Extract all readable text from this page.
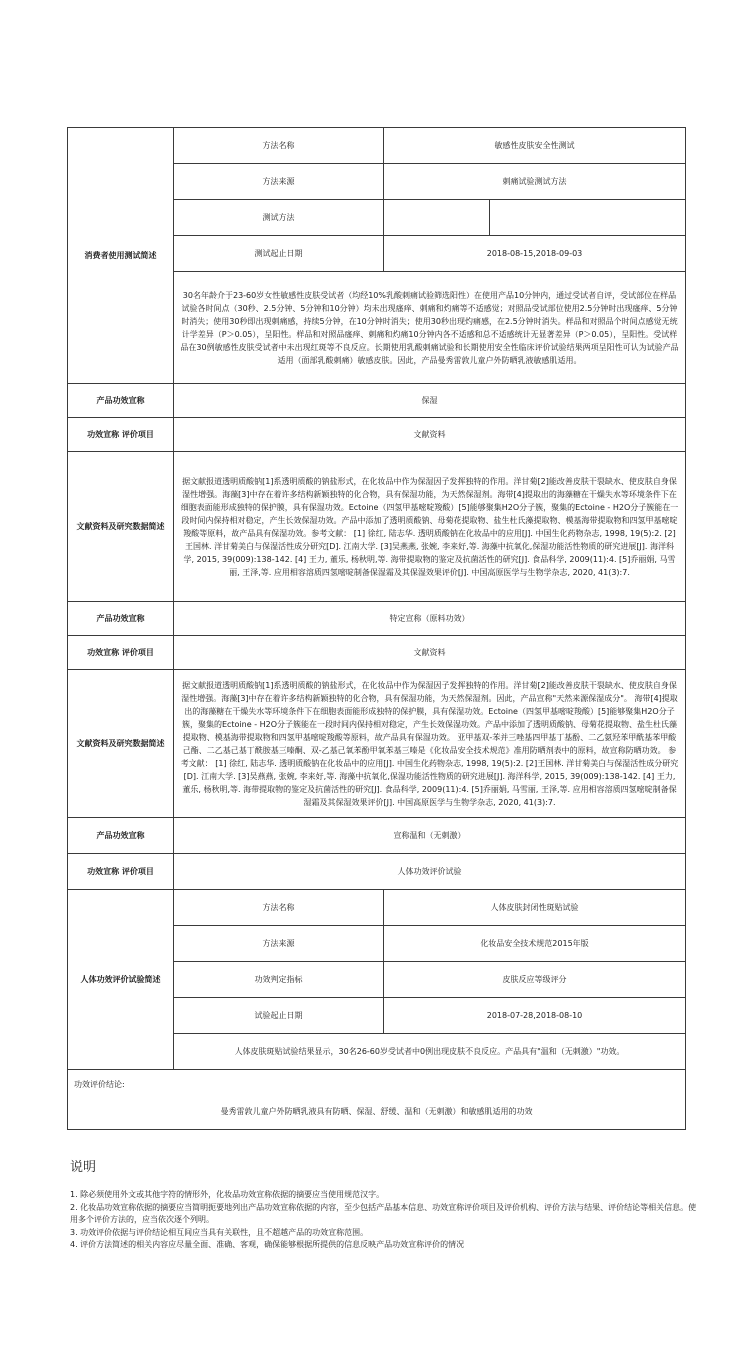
消费者使用测试简述	方法名称	敏感性皮肤安全性测试	
	方法来源	刺痛试验测试方法	
	测试方法		
	测试起止日期	2018-08-15,2018-09-03	
	30名年龄介于23-60岁女性敏感性皮肤受试者（均经10%乳酸刺痛试验筛选阳性）在使用产品10分钟内，通过受试者自评，受试部位在样品试验各时间点（30秒、2.5分钟、5分钟和10分钟）均未出现瘙痒、刺痛和灼痛等不适感觉；对照品受试部位使用2.5分钟时出现瘙痒、5分钟时消失；使用30秒即出现刺痛感，持续5分钟，在10分钟时消失；使用30秒出现灼痛感，在2.5分钟时消失。样品和对照品个时间点感觉无统计学差异（P＞0.05），呈阳性。样品和对照品瘙痒、刺痛和灼痛10分钟内各不适感和总不适感统计无显著差异（P＞0.05），呈阳性。受试样品在30例敏感性皮肤受试者中未出现红斑等不良反应。长期使用乳酸刺痛试验和长期使用安全性临床评价试验结果两项呈阳性可认为试验产品适用（面部乳酸刺痛）敏感皮肤。因此，产品曼秀雷敦儿童户外防晒乳液敏感肌适用。		
产品功效宣称	保湿		
功效宣称 评价项目	文献资料		
文献资料及研究数据简述	据文献报道透明质酸钠[1]系透明质酸的钠盐形式，在化妆品中作为保湿因子发挥独特的作用。洋甘菊[2]能改善皮肤干裂缺水、使皮肤自身保湿性增强。海藻[3]中存在着许多结构新颖独特的化合物，具有保湿功能，为天然保湿剂。海带[4]提取出的海藻糖在干燥失水等环境条件下在细胞表面能形成独特的保护膜，具有保湿功效。Ectoine（四氢甲基嘧啶羧酸）[5]能够聚集H2O分子簇，聚集的Ectoine - H2O分子簇能在一段时间内保持相对稳定，产生长效保湿功效。产品中添加了透明质酸钠、母菊花提取物、盐生杜氏藻提取物、模基海带提取物和四氢甲基嘧啶羧酸等原料，故产品具有保湿功效。参考文献： [1] 徐红, 陆志华. 透明质酸钠在化妆品中的应用[J]. 中国生化药物杂志, 1998, 19(5):2. [2]王国林. 洋甘菊美白与保湿活性成分研究[D]. 江南大学. [3]吴燕燕, 张婉, 李来好,等. 海藻中抗氧化,保湿功能活性物质的研究进展[J]. 海洋科学, 2015, 39(009):138-142. [4] 王力, 董乐, 杨秋明,等. 海带提取物的鉴定及抗菌活性的研究[J]. 食品科学, 2009(11):4. [5]乔丽娟, 马雪丽, 王泽,等. 应用相容溶质四氢嘧啶制备保湿霜及其保湿效果评价[J]. 中国高原医学与生物学杂志, 2020, 41(3):7.		
产品功效宣称	特定宣称（原料功效）		
功效宣称 评价项目	文献资料		
文献资料及研究数据简述	据文献报道透明质酸钠[1]系透明质酸的钠盐形式，在化妆品中作为保湿因子发挥独特的作用。洋甘菊[2]能改善皮肤干裂缺水、使皮肤自身保湿性增强。海藻[3]中存在着许多结构新颖独特的化合物，具有保湿功能，为天然保湿剂。因此，产品宣称"天然来源保湿成分"。 海带[4]提取出的海藻糖在干燥失水等环境条件下在细胞表面能形成独特的保护膜，具有保湿功效。Ectoine（四氢甲基嘧啶羧酸）[5]能够聚集H2O分子簇，聚集的Ectoine - H2O分子簇能在一段时间内保持相对稳定，产生长效保湿功效。产品中添加了透明质酸钠、母菊花提取物、盐生杜氏藻提取物、模基海带提取物和四氢甲基嘧啶羧酸等原料，故产品具有保湿功效。 亚甲基双-苯并三唑基四甲基丁基酚、二乙氨羟苯甲酰基苯甲酸己酯、二乙基己基丁酰胺基三嗪酮、双-乙基己氧苯酚甲氧苯基三嗪是《化妆品安全技术规范》准用防晒剂表中的原料，故宣称防晒功效。 参考文献： [1] 徐红, 陆志华. 透明质酸钠在化妆品中的应用[J]. 中国生化药物杂志, 1998, 19(5):2. [2]王国林. 洋甘菊美白与保湿活性成分研究[D]. 江南大学. [3]吴燕燕, 张婉, 李来好,等. 海藻中抗氧化,保湿功能活性物质的研究进展[J]. 海洋科学, 2015, 39(009):138-142. [4] 王力, 董乐, 杨秋明,等. 海带提取物的鉴定及抗菌活性的研究[J]. 食品科学, 2009(11):4. [5]乔丽娟, 马雪丽, 王泽,等. 应用相容溶质四氢嘧啶制备保湿霜及其保湿效果评价[J]. 中国高原医学与生物学杂志, 2020, 41(3):7.		
产品功效宣称	宣称温和（无刺激）		
功效宣称 评价项目	人体功效评价试验		
人体功效评价试验简述	方法名称	人体皮肤封闭性斑贴试验	
	方法来源	化妆品安全技术规范2015年版	
	功效判定指标	皮肤反应等级评分	
	试验起止日期	2018-07-28,2018-08-10	
	人体皮肤斑贴试验结果显示，30名26-60岁受试者中0例出现皮肤不良反应。产品具有"温和（无刺激）"功效。		

功效评价结论:
曼秀雷敦儿童户外防晒乳液具有防晒、保湿、舒缓、温和（无刺激）和敏感肌适用的功效			
说明
1. 除必须使用外文或其他字符的情形外，化妆品功效宣称依据的摘要应当使用规范汉字。
2. 化妆品功效宣称依据的摘要应当简明扼要地列出产品功效宣称依据的内容，至少包括产品基本信息、功效宣称评价项目及评价机构、评价方法与结果、评价结论等相关信息。使用多个评价方法的，应当依次逐个列明。
3. 功效评价依据与评价结论相互间应当具有关联性，且不超越产品的功效宣称范围。
4. 评价方法简述的相关内容应尽量全面、准确、客观，确保能够根据所提供的信息反映产品功效宣称评价的情况
